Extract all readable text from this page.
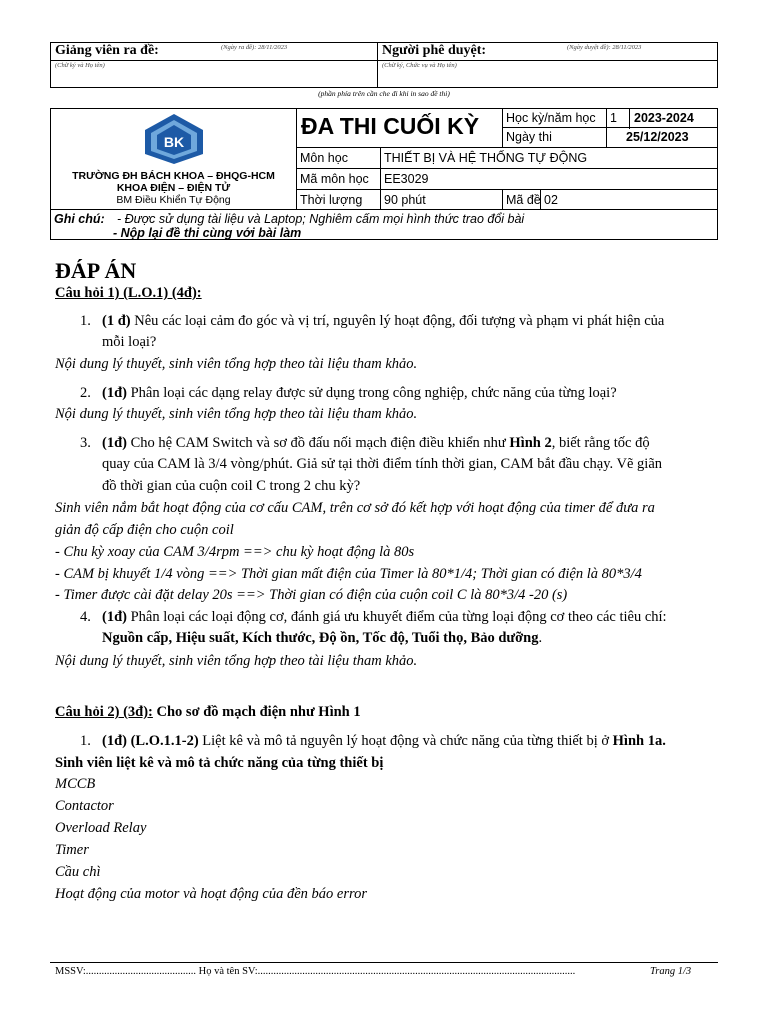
Giảng viên ra đề:	(Ngày ra đề): 28/11/2023
(Chữ ký và Họ tên)
Người phê duyệt:	(Ngày duyệt đề): 28/11/2023
(Chữ ký, Chức vụ và Họ tên)
(phần phía trên cần che đi khi in sao đề thi)
BK
TRƯỜNG ĐH BÁCH KHOA – ĐHQG-HCM
KHOA ĐIỆN – ĐIỆN TỬ
BM Điều Khiển Tự Động
ĐA THI CUỐI KỲ Học kỳ/năm học 1 2023-2024
Ngày thi	25/12/2023
Môn học	THIẾT BỊ VÀ HỆ THỐNG TỰ ĐỘNG
Mã môn học EE3029
Thời lượng 90 phút	Mã đề 02
Ghi chú: - Được sử dụng tài liệu và Laptop; Nghiêm cấm mọi hình thức trao đổi bài
- Nộp lại đề thi cùng với bài làm
ĐÁP ÁN
Câu hỏi 1) (L.O.1) (4đ):
1. (1 đ) Nêu các loại cảm đo góc và vị trí, nguyên lý hoạt động, đối tượng và phạm vi phát hiện của
mỗi loại?
Nội dung lý thuyết, sinh viên tổng hợp theo tài liệu tham khảo.
2. (1đ) Phân loại các dạng relay được sử dụng trong công nghiệp, chức năng của từng loại?
Nội dung lý thuyết, sinh viên tổng hợp theo tài liệu tham khảo.
3. (1đ) Cho hệ CAM Switch và sơ đồ đấu nối mạch điện điều khiển như Hình 2, biết rằng tốc độ
quay của CAM là 3/4 vòng/phút. Giả sử tại thời điểm tính thời gian, CAM bắt đầu chạy. Vẽ giãn
đồ thời gian của cuộn coil C trong 2 chu kỳ?
Sinh viên nắm bắt hoạt động của cơ cấu CAM, trên cơ sở đó kết hợp với hoạt động của timer để đưa ra
giản độ cấp điện cho cuộn coil
- Chu kỳ xoay của CAM 3/4rpm ==> chu kỳ hoạt động là 80s
- CAM bị khuyết 1/4 vòng ==> Thời gian mất điện của Timer là 80*1/4; Thời gian có điện là 80*3/4
- Timer được cài đặt delay 20s ==> Thời gian có điện của cuộn coil C là 80*3/4 -20 (s)
4. (1đ) Phân loại các loại động cơ, đánh giá ưu khuyết điểm của từng loại động cơ theo các tiêu chí:
Nguồn cấp, Hiệu suất, Kích thước, Độ ồn, Tốc độ, Tuổi thọ, Bảo dưỡng.
Nội dung lý thuyết, sinh viên tổng hợp theo tài liệu tham khảo.
Câu hỏi 2) (3đ): Cho sơ đồ mạch điện như Hình 1
1. (1đ) (L.O.1.1-2) Liệt kê và mô tả nguyên lý hoạt động và chức năng của từng thiết bị ở Hình 1a.
Sinh viên liệt kê và mô tả chức năng của từng thiết bị
MCCB
Contactor
Overload Relay
Timer
Cầu chì
Hoạt động của motor và hoạt động của đền báo error
MSSV:.......................................... Họ và tên SV:.........................................................................................................................	Trang 1/3
